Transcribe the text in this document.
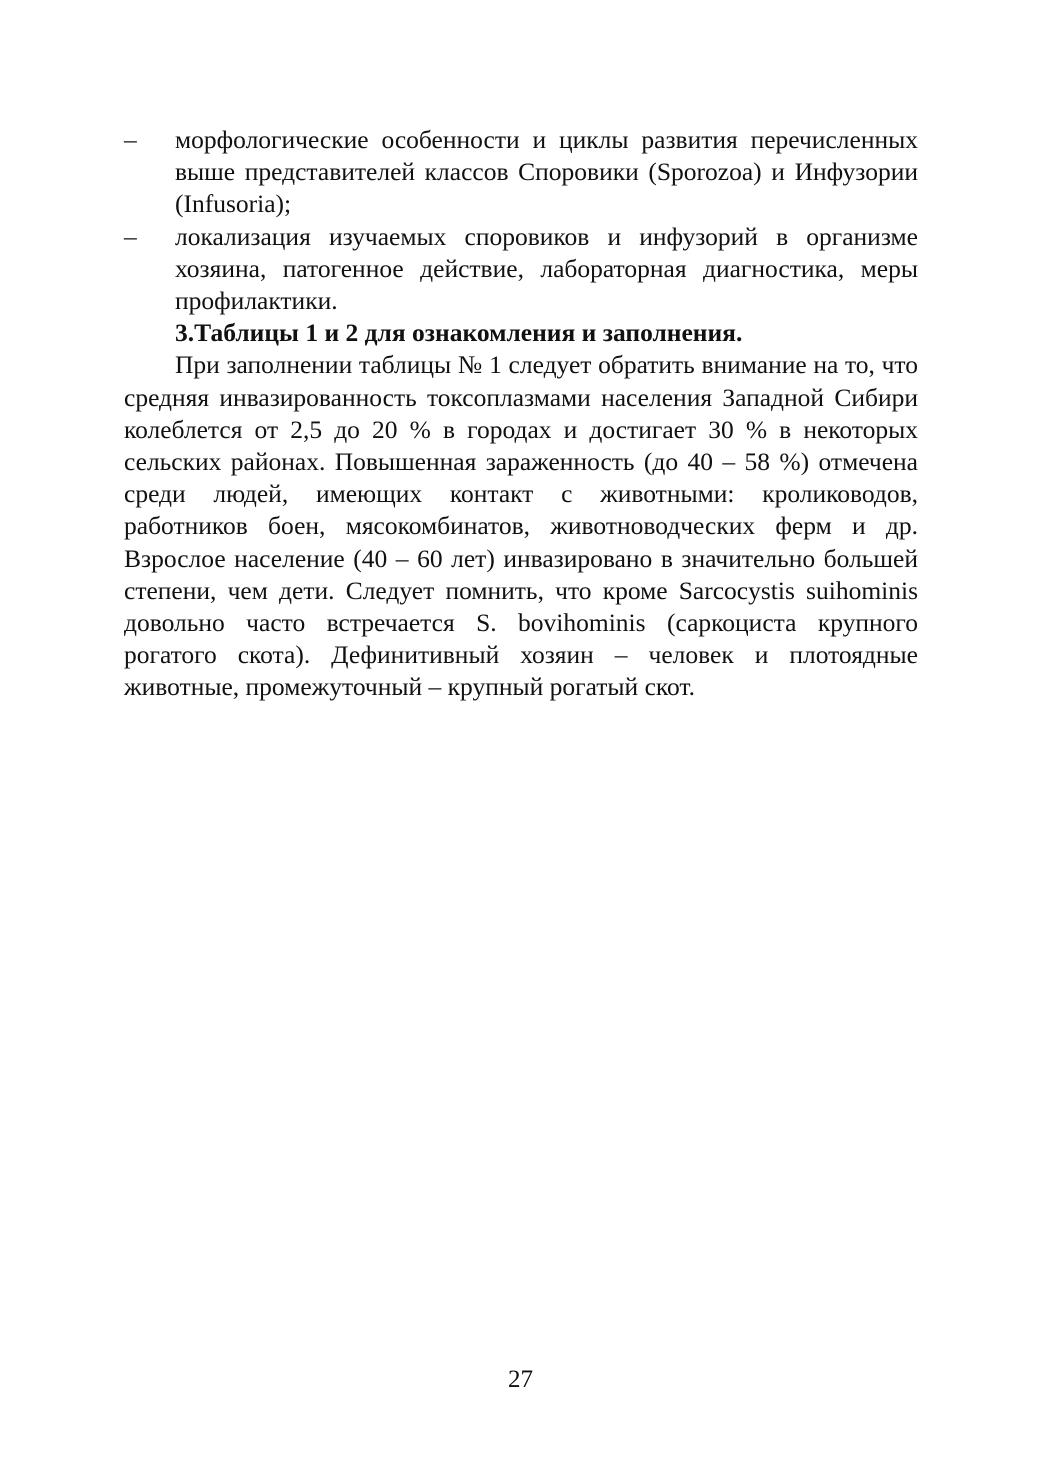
– морфологические особенности и циклы развития перечисленных выше представителей классов Споровики (Sporozoa) и Инфузории (Infusoria);
– локализация изучаемых споровиков и инфузорий в организме хозяина, патогенное действие, лабораторная диагностика, меры профилактики.

3.Таблицы 1 и 2 для ознакомления и заполнения.

При заполнении таблицы № 1 следует обратить внимание на то, что средняя инвазированность токсоплазмами населения Западной Сибири колеблется от 2,5 до 20 % в городах и достигает 30 % в некоторых сельских районах. Повышенная зараженность (до 40 – 58 %) отмечена среди людей, имеющих контакт с животными: кролиководов, работников боен, мясокомбинатов, животноводческих ферм и др. Взрослое население (40 – 60 лет) инвазировано в значительно большей степени, чем дети. Следует помнить, что кроме Sarcocystis suihominis довольно часто встречается S. bovihominis (саркоциста крупного рогатого скота). Дефинитивный хозяин – человек и плотоядные животные, промежуточный – крупный рогатый скот.

27
